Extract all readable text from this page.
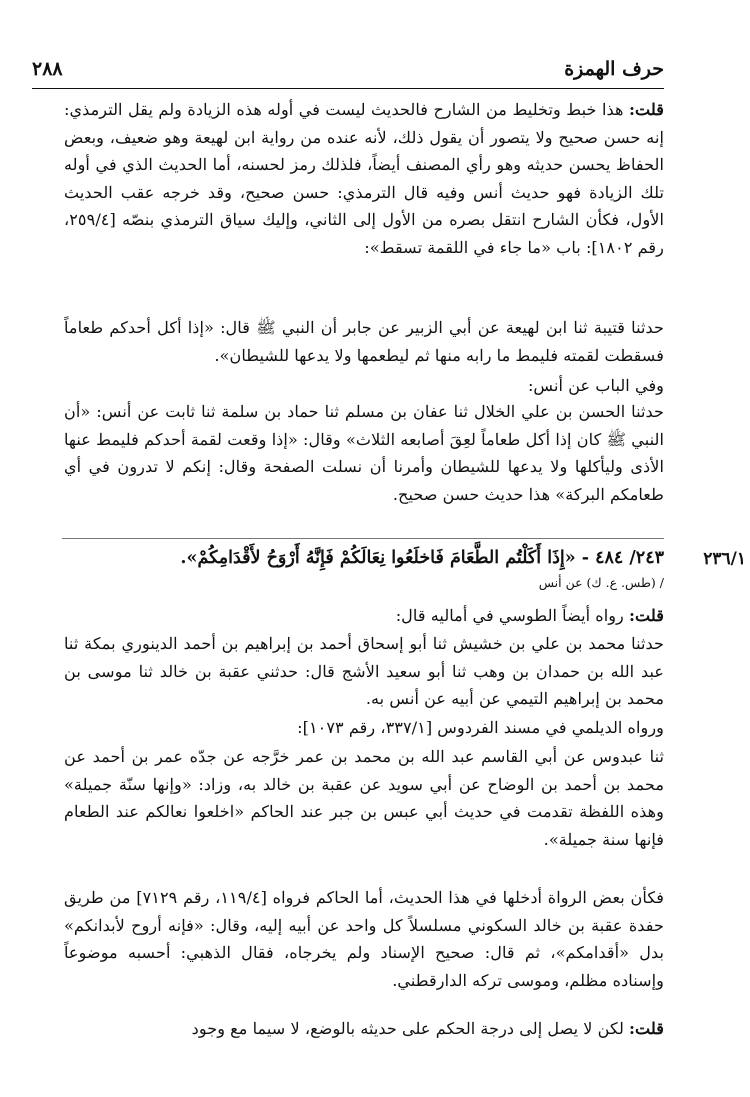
حرف الهمزة
٢٨٨

قلت: هذا خبط وتخليط من الشارح فالحديث ليست في أوله هذه الزيادة ولم يقل الترمذي: إنه حسن صحيح ولا يتصور أن يقول ذلك، لأنه عنده من رواية ابن لهيعة وهو ضعيف، وبعض الحفاظ يحسن حديثه وهو رأي المصنف أيضاً، فلذلك رمز لحسنه، أما الحديث الذي في أوله تلك الزيادة فهو حديث أنس وفيه قال الترمذي: حسن صحيح، وقد خرجه عقب الحديث الأول، فكأن الشارح انتقل بصره من الأول إلى الثاني، وإليك سياق الترمذي بنصّه [٢٥٩/٤، رقم ١٨٠٢]: باب «ما جاء في اللقمة تسقط»:

حدثنا قتيبة ثنا ابن لهيعة عن أبي الزبير عن جابر أن النبي ﷺ قال: «إذا أكل أحدكم طعاماً فسقطت لقمته فليمط ما رابه منها ثم ليطعمها ولا يدعها للشيطان».

وفي الباب عن أنس:

حدثنا الحسن بن علي الخلال ثنا عفان بن مسلم ثنا حماد بن سلمة ثنا ثابت عن أنس: «أن النبي ﷺ كان إذا أكل طعاماً لعِقَ أصابعه الثلاث» وقال: «إذا وقعت لقمة أحدكم فليمط عنها الأذى وليأكلها ولا يدعها للشيطان وأمرنا أن نسلت الصفحة وقال: إنكم لا تدرون في أي طعامكم البركة» هذا حديث حسن صحيح.

٢٣٦/١

٢٤٣/ ٤٨٤ - «إِذَا أَكَلْتُم الطَّعَامَ فَاخلَعُوا نِعَالَكُمْ فَإِنَّهُ أَرْوَحُ لأَقْدَامِكُمْ».

/ (طس. ع. ك) عن أنس

قلت: رواه أيضاً الطوسي في أماليه قال:

حدثنا محمد بن علي بن خشيش ثنا أبو إسحاق أحمد بن إبراهيم بن أحمد الدينوري بمكة ثنا عبد الله بن حمدان بن وهب ثنا أبو سعيد الأشج قال: حدثني عقبة بن خالد ثنا موسى بن محمد بن إبراهيم التيمي عن أبيه عن أنس به.

ورواه الديلمي في مسند الفردوس [٣٣٧/١، رقم ١٠٧٣]:

ثنا عبدوس عن أبي القاسم عبد الله بن محمد بن عمر خرَّجه عن جدّه عمر بن أحمد عن محمد بن أحمد بن الوضاح عن أبي سويد عن عقبة بن خالد به، وزاد: «وإنها سنّة جميلة» وهذه اللفظة تقدمت في حديث أبي عبس بن جبر عند الحاكم «اخلعوا نعالكم عند الطعام فإنها سنة جميلة».

فكأن بعض الرواة أدخلها في هذا الحديث، أما الحاكم فرواه [١١٩/٤، رقم ٧١٢٩] من طريق حفدة عقبة بن خالد السكوني مسلسلاً كل واحد عن أبيه إليه، وقال: «فإنه أروح لأبدانكم» بدل «أقدامكم»، ثم قال: صحيح الإسناد ولم يخرجاه، فقال الذهبي: أحسبه موضوعاً وإسناده مظلم، وموسى تركه الدارقطني.

قلت: لكن لا يصل إلى درجة الحكم على حديثه بالوضع، لا سيما مع وجود
